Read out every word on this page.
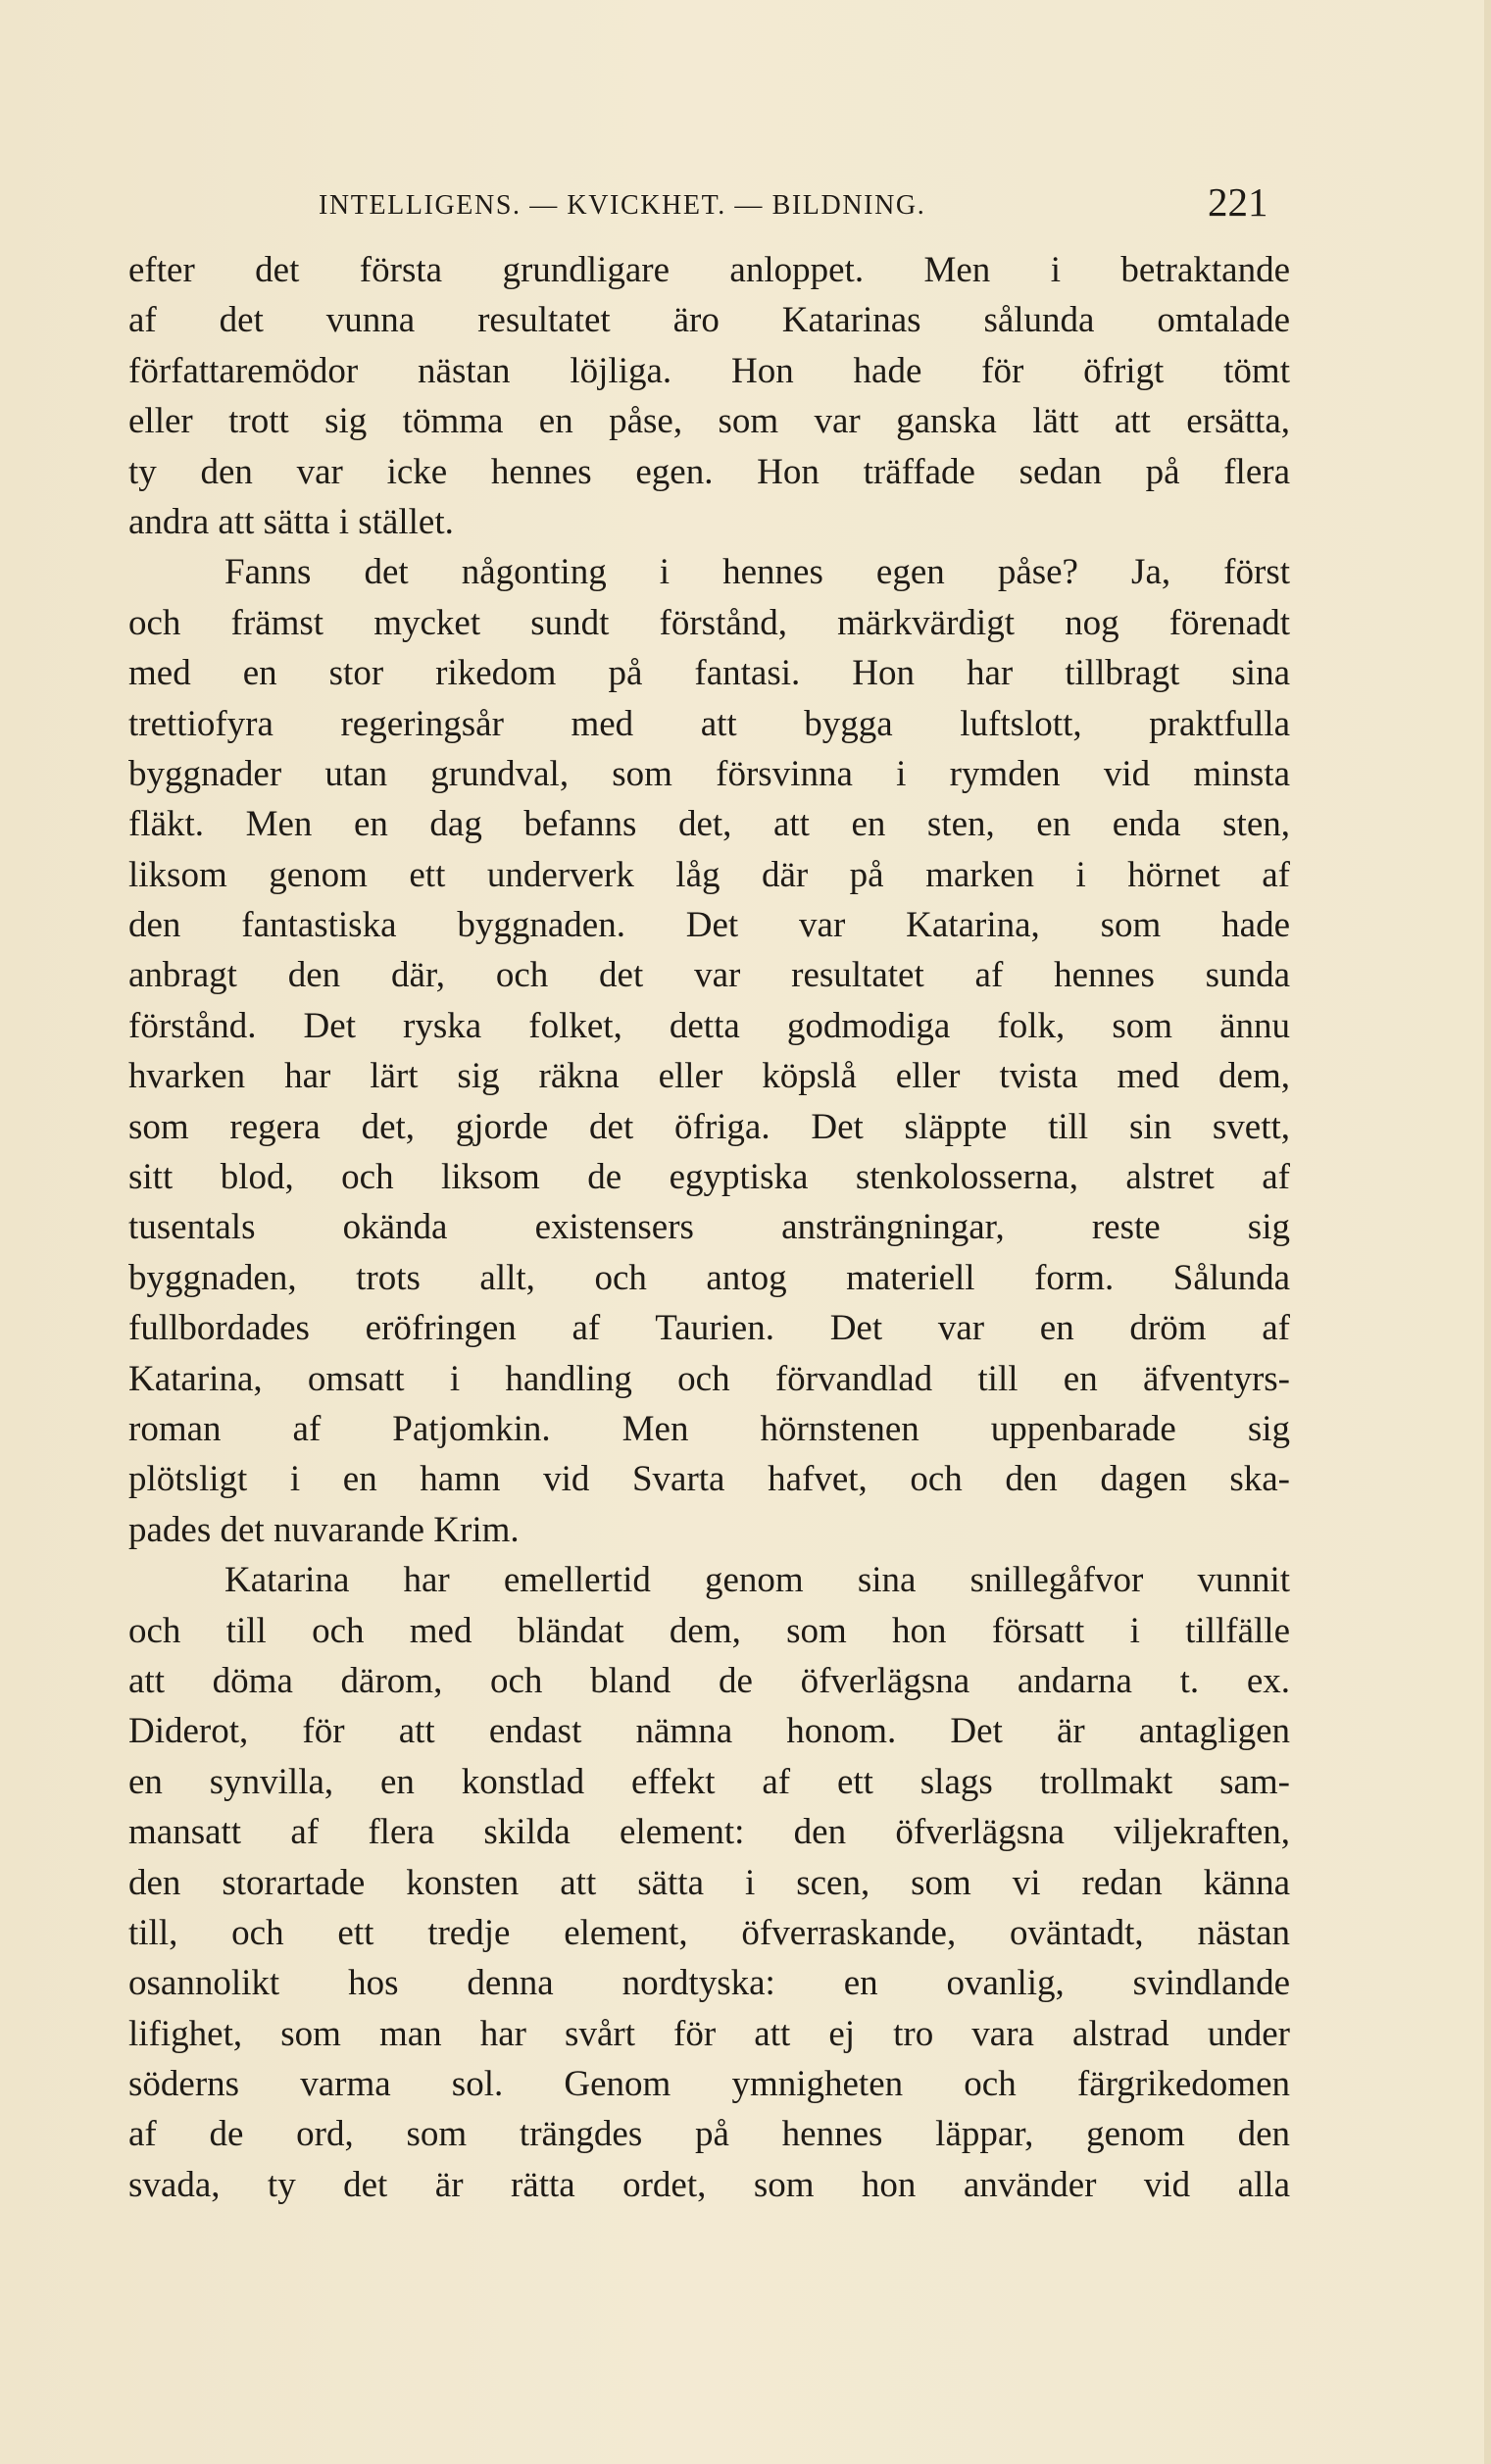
INTELLIGENS. — KVICKHET. — BILDNING.	221
efter det första grundligare anloppet. Men i betraktande
af det vunna resultatet äro Katarinas sålunda omtalade
författaremödor nästan löjliga. Hon hade för öfrigt tömt
eller trott sig tömma en påse, som var ganska lätt att ersätta,
ty den var icke hennes egen. Hon träffade sedan på flera
andra att sätta i stället.
Fanns det någonting i hennes egen påse? Ja, först
och främst mycket sundt förstånd, märkvärdigt nog förenadt
med en stor rikedom på fantasi. Hon har tillbragt sina
trettiofyra regeringsår med att bygga luftslott, praktfulla
byggnader utan grundval, som försvinna i rymden vid minsta
fläkt. Men en dag befanns det, att en sten, en enda sten,
liksom genom ett underverk låg där på marken i hörnet af
den fantastiska byggnaden. Det var Katarina, som hade
anbragt den där, och det var resultatet af hennes sunda
förstånd. Det ryska folket, detta godmodiga folk, som ännu
hvarken har lärt sig räkna eller köpslå eller tvista med dem,
som regera det, gjorde det öfriga. Det släppte till sin svett,
sitt blod, och liksom de egyptiska stenkolosserna, alstret af
tusentals okända existensers ansträngningar, reste sig
byggnaden, trots allt, och antog materiell form. Sålunda
fullbordades eröfringen af Taurien. Det var en dröm af
Katarina, omsatt i handling och förvandlad till en äfventyrs-
roman af Patjomkin. Men hörnstenen uppenbarade sig
plötsligt i en hamn vid Svarta hafvet, och den dagen ska-
pades det nuvarande Krim.
Katarina har emellertid genom sina snillegåfvor vunnit
och till och med bländat dem, som hon försatt i tillfälle
att döma därom, och bland de öfverlägsna andarna t. ex.
Diderot, för att endast nämna honom. Det är antagligen
en synvilla, en konstlad effekt af ett slags trollmakt sam-
mansatt af flera skilda element: den öfverlägsna viljekraften,
den storartade konsten att sätta i scen, som vi redan känna
till, och ett tredje element, öfverraskande, oväntadt, nästan
osannolikt hos denna nordtyska: en ovanlig, svindlande
lifighet, som man har svårt för att ej tro vara alstrad under
söderns varma sol. Genom ymnigheten och färgrikedomen
af de ord, som trängdes på hennes läppar, genom den
svada, ty det är rätta ordet, som hon använder vid alla
